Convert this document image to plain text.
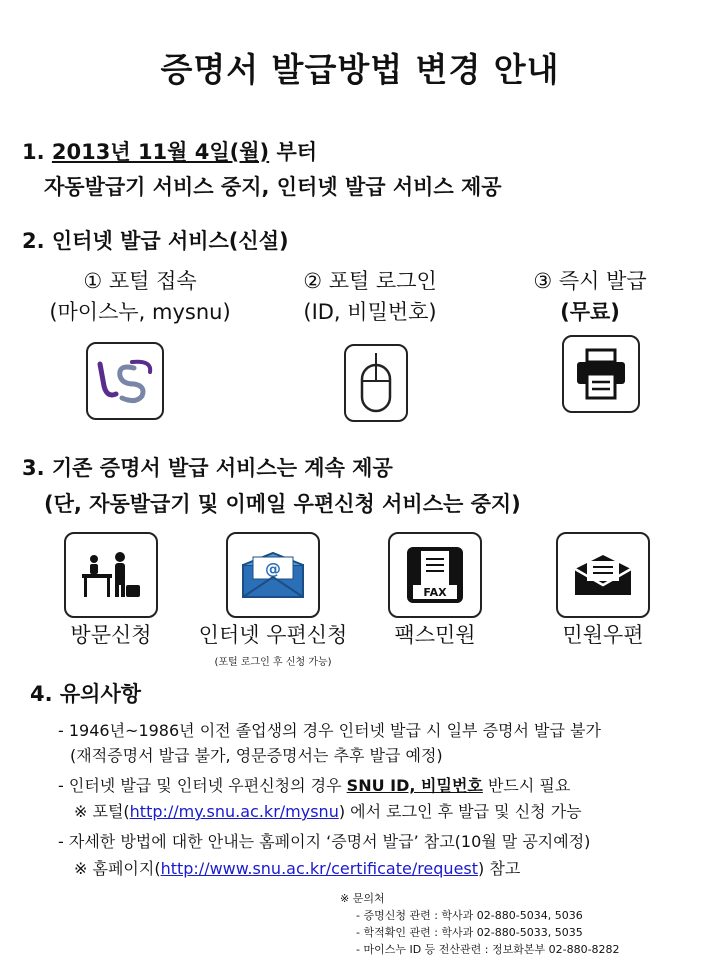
증명서 발급방법 변경 안내
1. 2013년 11월 4일(월) 부터
자동발급기 서비스 중지, 인터넷 발급 서비스 제공
2. 인터넷 발급 서비스(신설)
① 포털 접속
(마이스누, mysnu)
② 포털 로그인
(ID, 비밀번호)
③ 즉시 발급
(무료)
3. 기존 증명서 발급 서비스는 계속 제공
(단, 자동발급기 및 이메일 우편신청 서비스는 중지)
@
FAX
방문신청	인터넷 우편신청	팩스민원	민원우편
(포털 로그인 후 신청 가능)
4. 유의사항
- 1946년~1986년 이전 졸업생의 경우 인터넷 발급 시 일부 증명서 발급 불가
(재적증명서 발급 불가, 영문증명서는 추후 발급 예정)
- 인터넷 발급 및 인터넷 우편신청의 경우 SNU ID, 비밀번호 반드시 필요
※ 포털(http://my.snu.ac.kr/mysnu) 에서 로그인 후 발급 및 신청 가능
- 자세한 방법에 대한 안내는 홈페이지 ‘증명서 발급’ 참고(10월 말 공지예정)
※ 홈페이지(http://www.snu.ac.kr/certificate/request) 참고
※ 문의처
- 증명신청 관련 : 학사과 02-880-5034, 5036
- 학적확인 관련 : 학사과 02-880-5033, 5035
- 마이스누 ID 등 전산관련 : 정보화본부 02-880-8282
